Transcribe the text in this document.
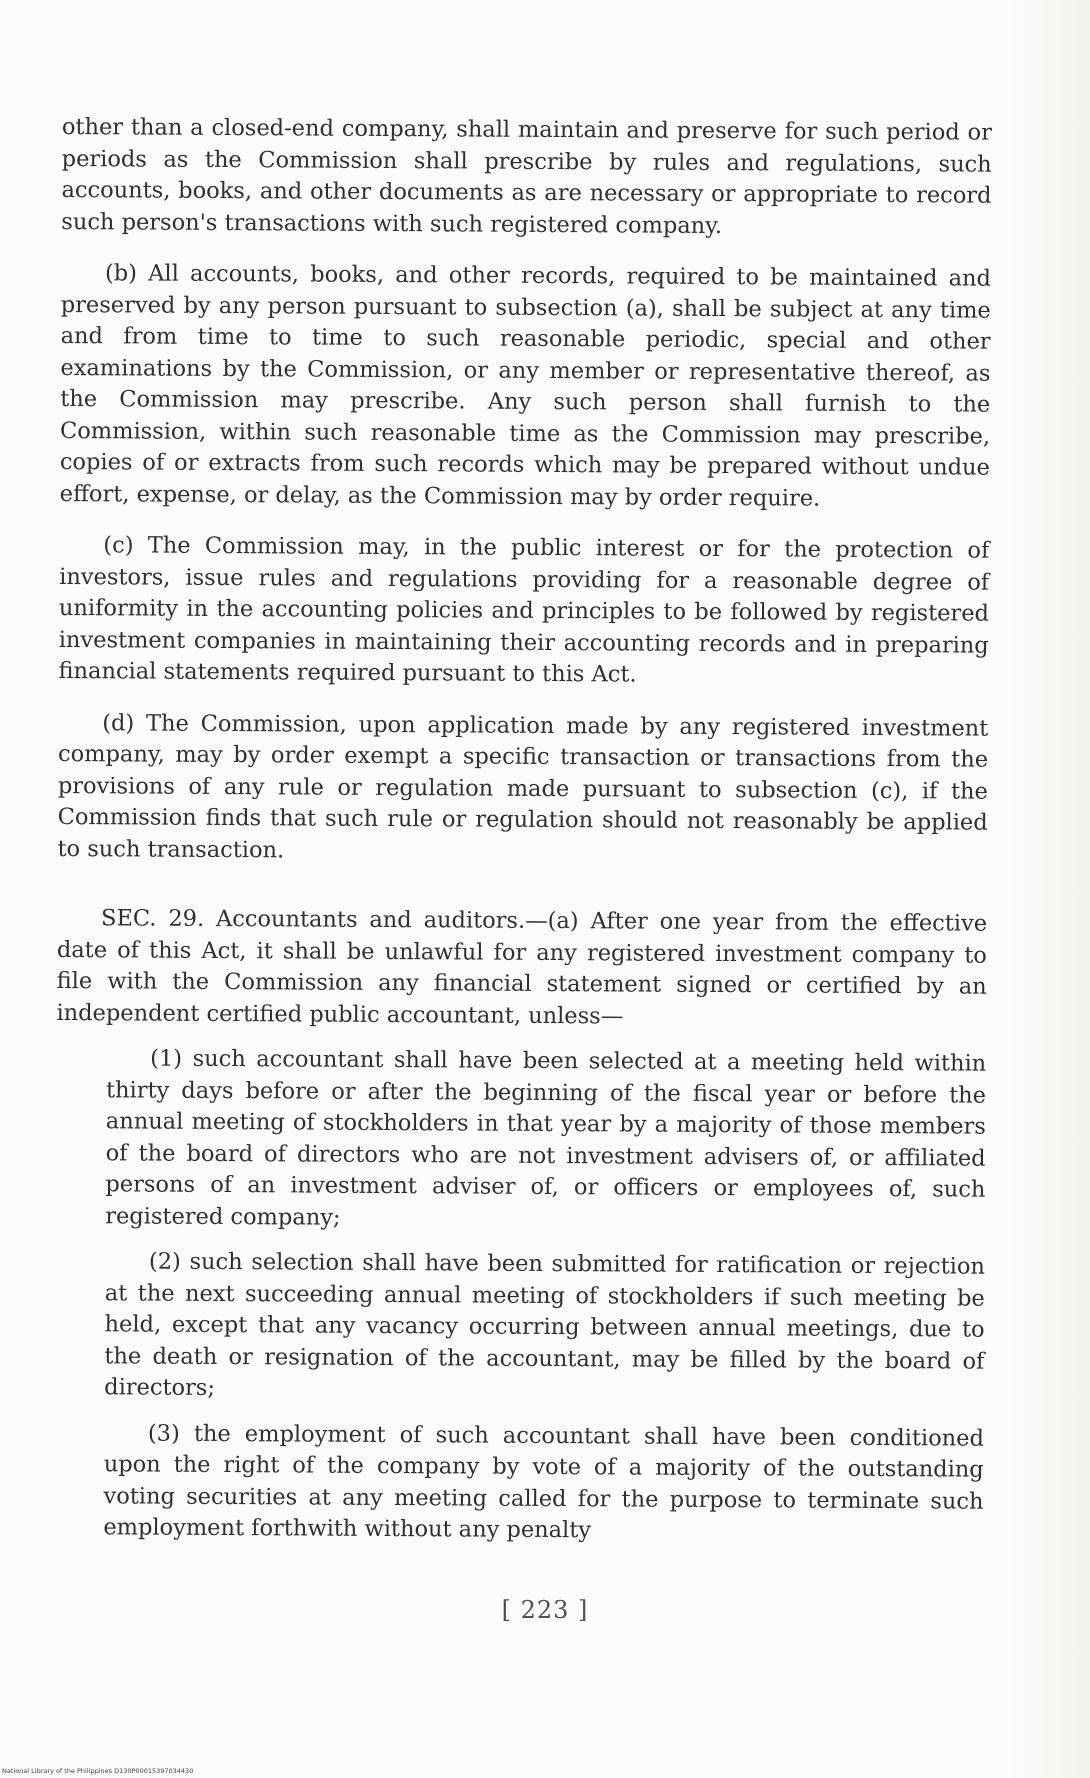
other than a closed-end company, shall maintain and preserve for such period or periods as the Commission shall prescribe by rules and regulations, such accounts, books, and other documents as are necessary or appropriate to record such person's transactions with such registered company.

(b) All accounts, books, and other records, required to be maintained and preserved by any person pursuant to subsection (a), shall be subject at any time and from time to time to such reasonable periodic, special and other examinations by the Commission, or any member or representative thereof, as the Commission may prescribe. Any such person shall furnish to the Commission, within such reasonable time as the Commission may prescribe, copies of or extracts from such records which may be prepared without undue effort, expense, or delay, as the Commission may by order require.

(c) The Commission may, in the public interest or for the protection of investors, issue rules and regulations providing for a reasonable degree of uniformity in the accounting policies and principles to be followed by registered investment companies in maintaining their accounting records and in preparing financial statements required pursuant to this Act.

(d) The Commission, upon application made by any registered investment company, may by order exempt a specific transaction or transactions from the provisions of any rule or regulation made pursuant to subsection (c), if the Commission finds that such rule or regulation should not reasonably be applied to such transaction.

SEC. 29. Accountants and auditors.—(a) After one year from the effective date of this Act, it shall be unlawful for any registered investment company to file with the Commission any financial statement signed or certified by an independent certified public accountant, unless—

(1) such accountant shall have been selected at a meeting held within thirty days before or after the beginning of the fiscal year or before the annual meeting of stockholders in that year by a majority of those members of the board of directors who are not investment advisers of, or affiliated persons of an investment adviser of, or officers or employees of, such registered company;

(2) such selection shall have been submitted for ratification or rejection at the next succeeding annual meeting of stockholders if such meeting be held, except that any vacancy occurring between annual meetings, due to the death or resignation of the accountant, may be filled by the board of directors;

(3) the employment of such accountant shall have been conditioned upon the right of the company by vote of a majority of the outstanding voting securities at any meeting called for the purpose to terminate such employment forthwith without any penalty

[ 223 ]
National Library of the Philippines D130P00015397034430
